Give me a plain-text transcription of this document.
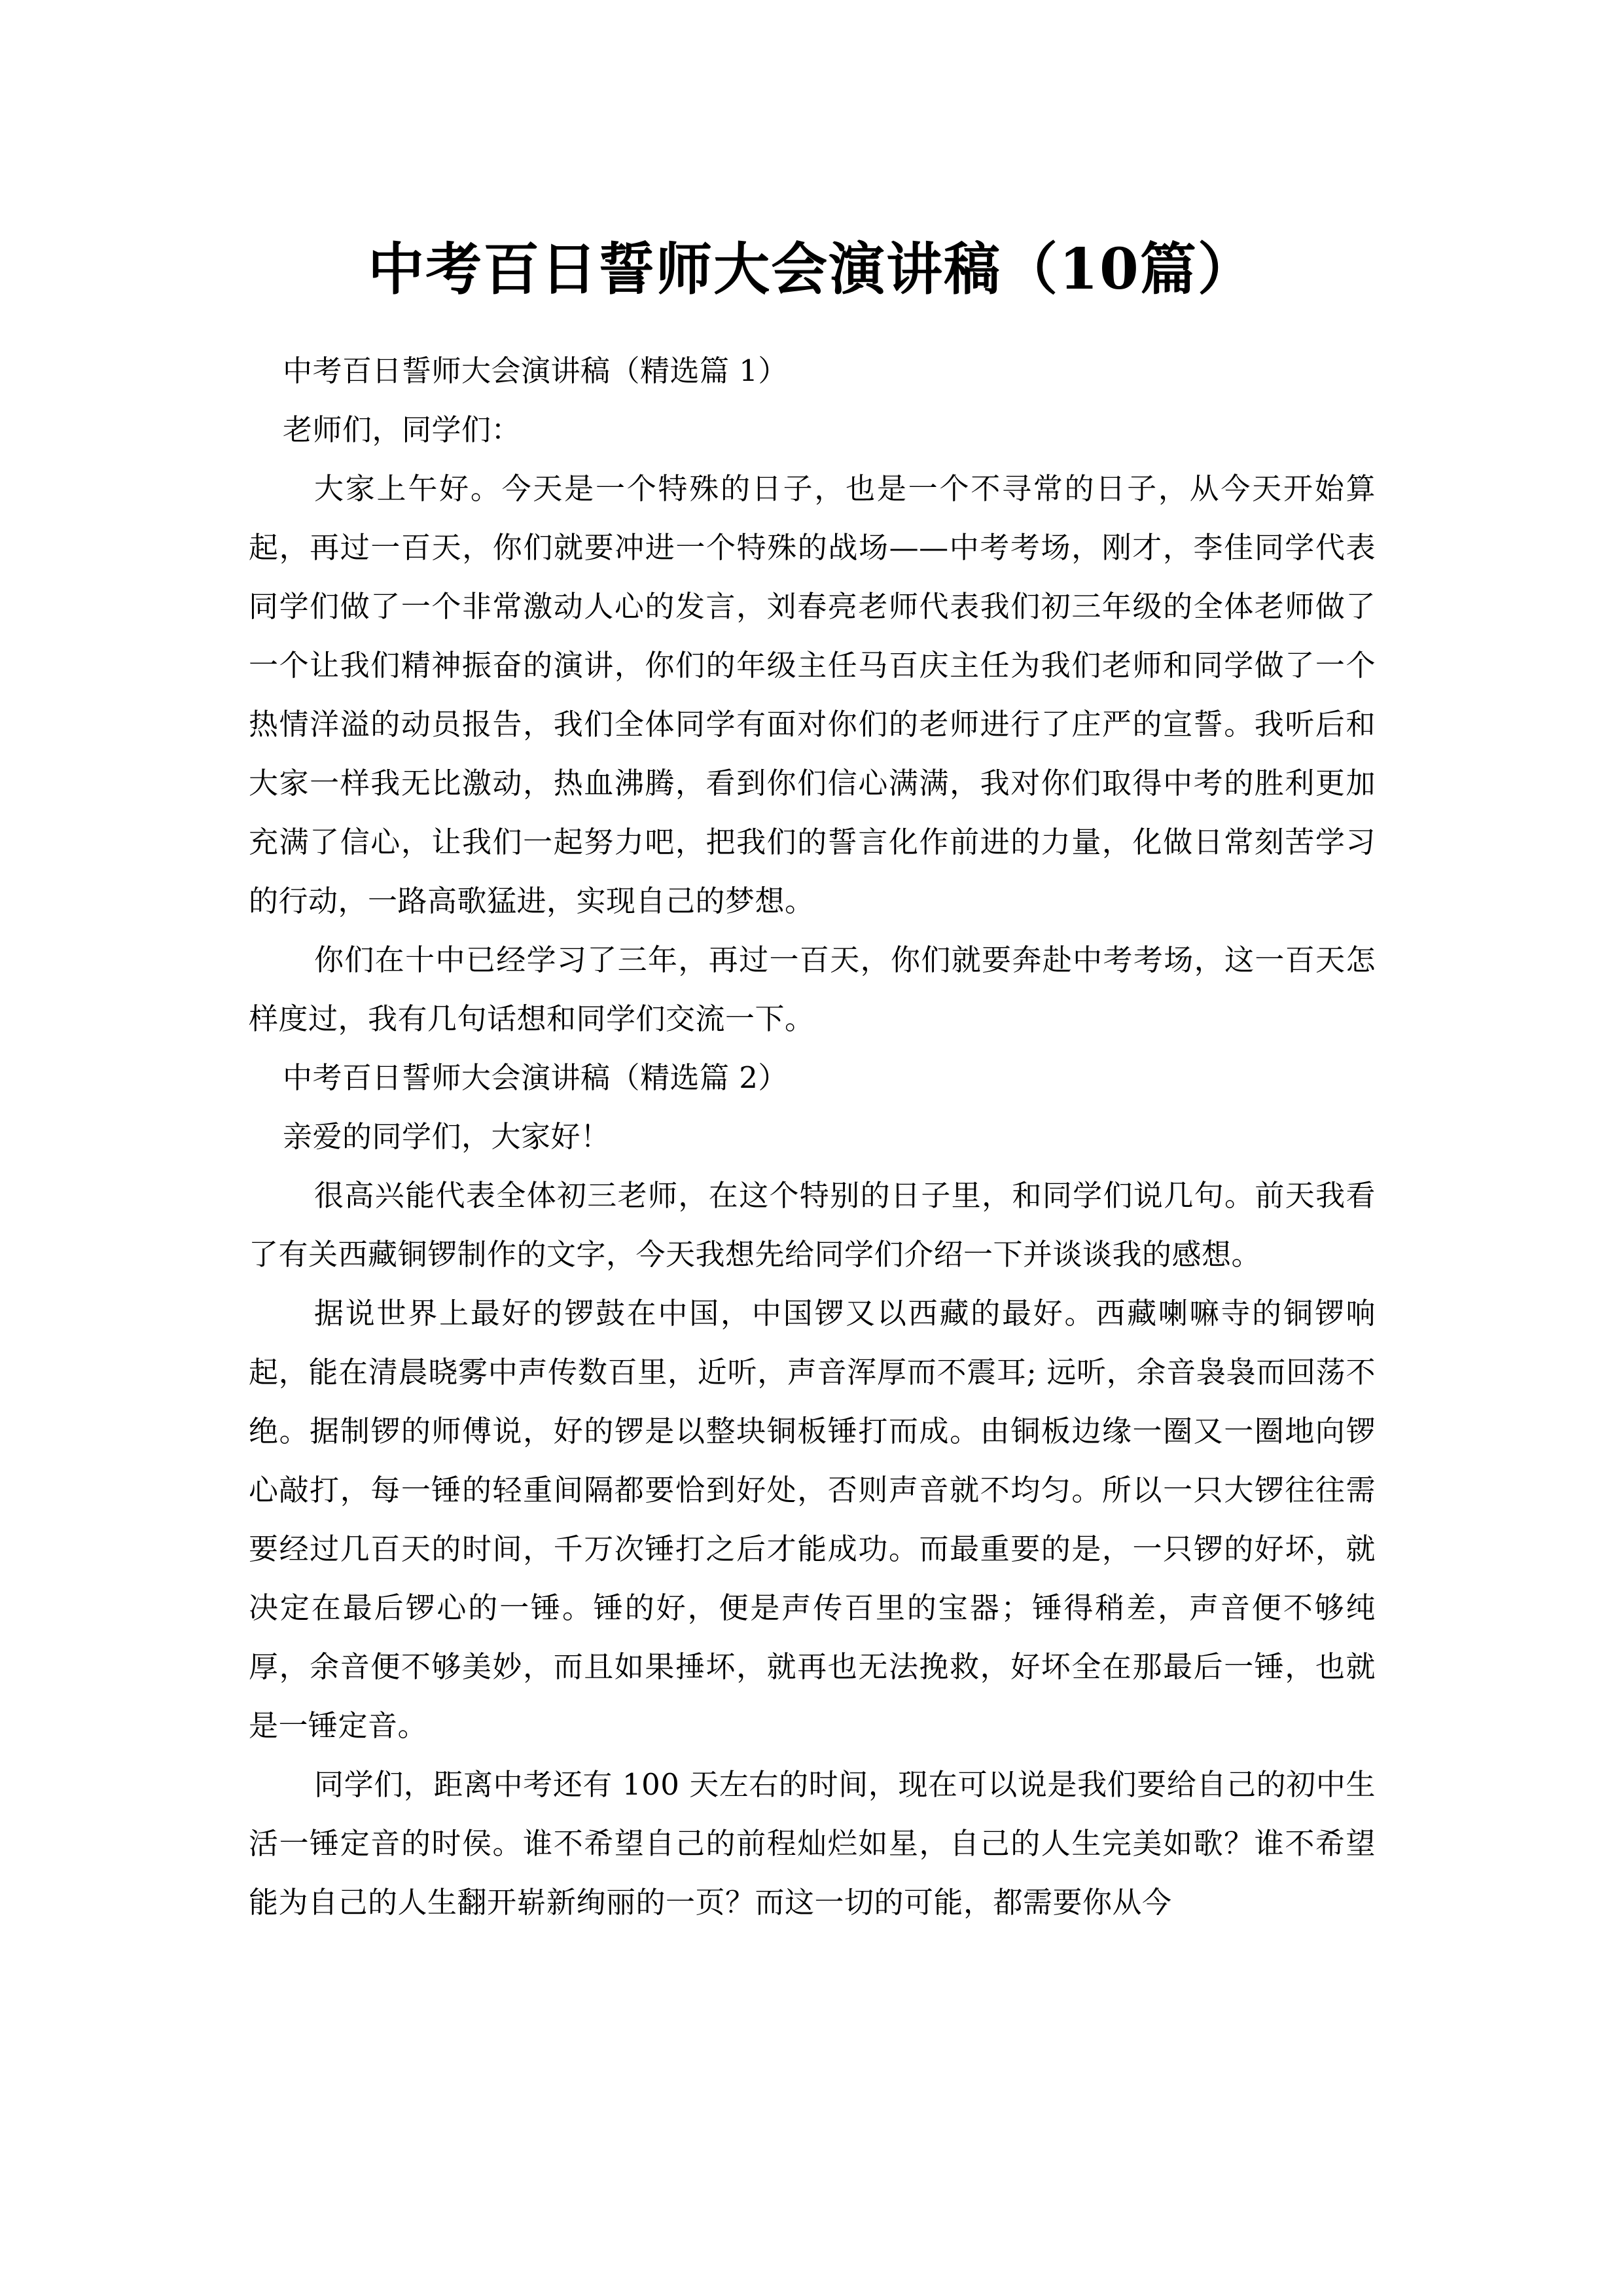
中考百日誓师大会演讲稿（10篇）

中考百日誓师大会演讲稿（精选篇 1）

老师们，同学们：

大家上午好。今天是一个特殊的日子，也是一个不寻常的日子，从今天开始算起，再过一百天，你们就要冲进一个特殊的战场——中考考场，刚才，李佳同学代表同学们做了一个非常激动人心的发言，刘春亮老师代表我们初三年级的全体老师做了一个让我们精神振奋的演讲，你们的年级主任马百庆主任为我们老师和同学做了一个热情洋溢的动员报告，我们全体同学有面对你们的老师进行了庄严的宣誓。我听后和大家一样我无比激动，热血沸腾，看到你们信心满满，我对你们取得中考的胜利更加充满了信心，让我们一起努力吧，把我们的誓言化作前进的力量，化做日常刻苦学习的行动，一路高歌猛进，实现自己的梦想。

你们在十中已经学习了三年，再过一百天，你们就要奔赴中考考场，这一百天怎样度过，我有几句话想和同学们交流一下。

中考百日誓师大会演讲稿（精选篇 2）

亲爱的同学们，大家好！

很高兴能代表全体初三老师，在这个特别的日子里，和同学们说几句。前天我看了有关西藏铜锣制作的文字，今天我想先给同学们介绍一下并谈谈我的感想。

据说世界上最好的锣鼓在中国，中国锣又以西藏的最好。西藏喇嘛寺的铜锣响起，能在清晨晓雾中声传数百里，近听，声音浑厚而不震耳; 远听，余音袅袅而回荡不绝。据制锣的师傅说，好的锣是以整块铜板锤打而成。由铜板边缘一圈又一圈地向锣心敲打，每一锤的轻重间隔都要恰到好处，否则声音就不均匀。所以一只大锣往往需要经过几百天的时间，千万次锤打之后才能成功。而最重要的是，一只锣的好坏，就决定在最后锣心的一锤。锤的好，便是声传百里的宝器；锤得稍差，声音便不够纯厚，余音便不够美妙，而且如果捶坏，就再也无法挽救，好坏全在那最后一锤，也就是一锤定音。

同学们，距离中考还有 100 天左右的时间，现在可以说是我们要给自己的初中生活一锤定音的时侯。谁不希望自己的前程灿烂如星，自己的人生完美如歌？谁不希望能为自己的人生翻开崭新绚丽的一页？而这一切的可能，都需要你从今
